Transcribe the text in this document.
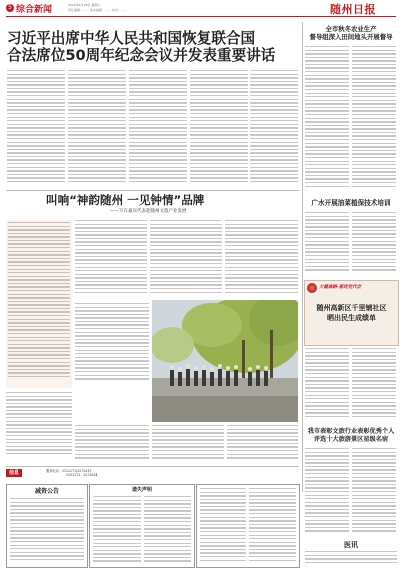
5 综合新闻	2024年6月29日 星期六
责任编辑：…… 美术编辑：…… 校对：……	随州日报
习近平出席中华人民共和国恢复联合国
合法席位50周年纪念会议并发表重要讲话
全市秋冬农业生产
督导组深入田间地头开展督导
广水开展油菜植保技术培训
大健康路·喜迎党代会
随州高新区千里铺社区
晒出民生成绩单
我市表彰文旅行业表彰优秀个人
评选十大旅游景区星级名宿
医讯
叫响“神韵随州 一见钟情”品牌
——写在嘉宾代表赴随州文旅产业发展
信息	服务电话：3122271/3272819
3331273 · 3273634
减资公告	遗失声明
